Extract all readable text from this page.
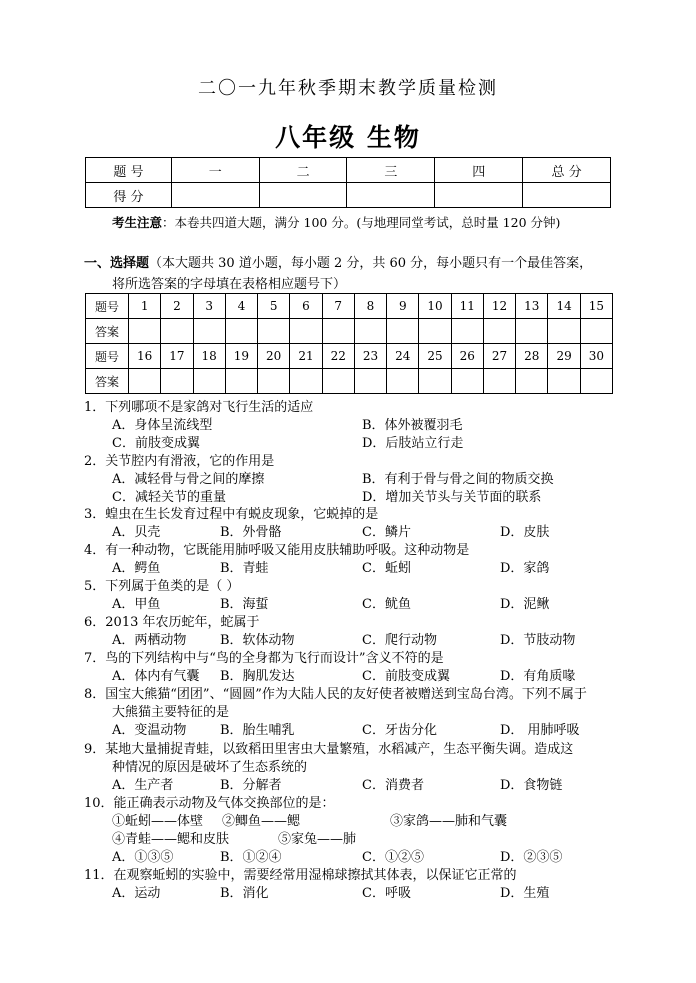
二〇一九年秋季期末教学质量检测
八年级 生物
题 号	一	二	三	四	总 分
得 分					
考生注意：本卷共四道大题，满分 100 分。(与地理同堂考试，总时量 120 分钟)
一、选择题（本大题共 30 道小题，每小题 2 分，共 60 分，每小题只有一个最佳答案，
将所选答案的字母填在表格相应题号下）
题号	1	2	3	4	5	6	7	8	9	10	11	12	13	14	15
答案															
题号	16	17	18	19	20	21	22	23	24	25	26	27	28	29	30
答案															
1．下列哪项不是家鸽对飞行生活的适应
A．身体呈流线型	B．体外被覆羽毛
C．前肢变成翼	D．后肢站立行走
2．关节腔内有滑液，它的作用是
A．减轻骨与骨之间的摩擦	B．有利于骨与骨之间的物质交换
C．减轻关节的重量	D．增加关节头与关节面的联系
3．蝗虫在生长发育过程中有蜕皮现象，它蜕掉的是
A．贝壳	B．外骨骼	C．鳞片	D．皮肤
4．有一种动物，它既能用肺呼吸又能用皮肤辅助呼吸。这种动物是
A．鳄鱼	B．青蛙	C．蚯蚓	D．家鸽
5．下列属于鱼类的是（ ）
A．甲鱼	B．海蜇	C．鱿鱼	D．泥鳅
6．2013 年农历蛇年，蛇属于
A．两栖动物	B．软体动物	C．爬行动物	D．节肢动物
7．鸟的下列结构中与“鸟的全身都为飞行而设计”含义不符的是
A．体内有气囊 B．胸肌发达	C．前肢变成翼	D．有角质喙
8．国宝大熊猫“团团”、“圆圆”作为大陆人民的友好使者被赠送到宝岛台湾。下列不属于
大熊猫主要特征的是
A．变温动物	B．胎生哺乳	C．牙齿分化	D． 用肺呼吸
9．某地大量捕捉青蛙，以致稻田里害虫大量繁殖，水稻减产，生态平衡失调。造成这
种情况的原因是破坏了生态系统的
A．生产者	B．分解者	C．消费者	D．食物链
10．能正确表示动物及气体交换部位的是：
①蚯蚓——体壁 ②鲫鱼——鳃	③家鸽——肺和气囊
④青蛙——鳃和皮肤	⑤家兔——肺
A．①③⑤	B．①②④	C．①②⑤	D．②③⑤
11．在观察蚯蚓的实验中，需要经常用湿棉球擦拭其体表，以保证它正常的
A．运动	B．消化	C．呼吸	D．生殖
